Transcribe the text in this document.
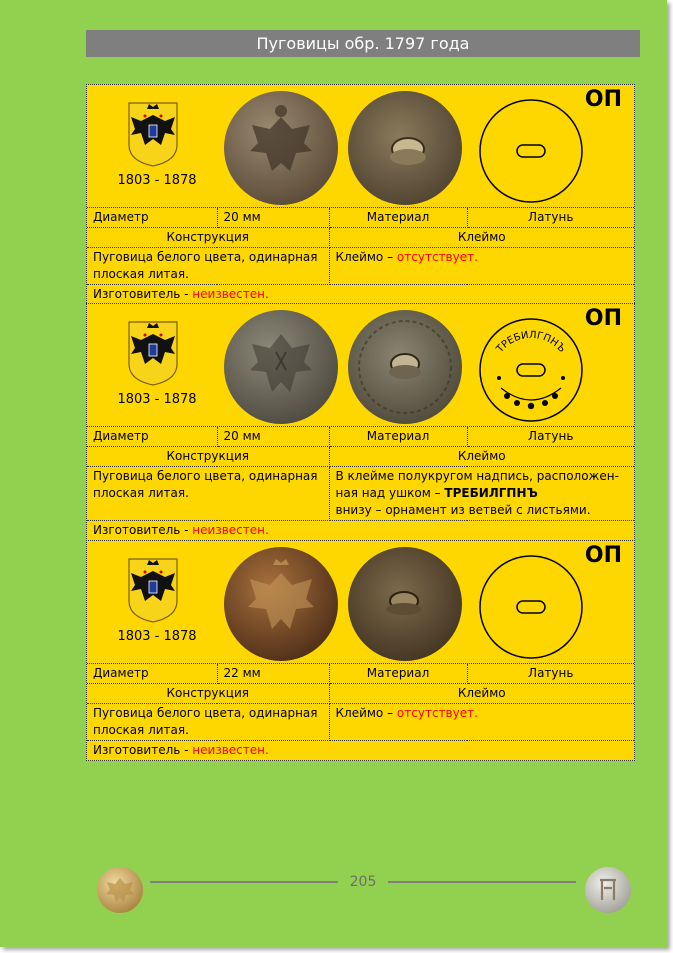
Пуговицы обр. 1797 года
1803 - 1878
ОП
Диаметр	20 мм	Материал	Латунь
Конструкция		Клеймо	
Пуговица белого цвета, одинарная плоская литая.		Клеймо – отсутствует.	
Изготовитель - неизвестен.			
1803 - 1878
ТРЕБИЛГПНЪ
ОП
Диаметр	20 мм	Материал	Латунь
Конструкция		Клеймо	
Пуговица белого цвета, одинарная плоская литая.		В клейме полукругом надпись, расположен-
ная над ушком – ТРЕБИЛГПНЪ
внизу – орнамент из ветвей с листьями.	
Изготовитель - неизвестен.			
1803 - 1878
ОП
Диаметр	22 мм	Материал	Латунь
Конструкция		Клеймо	
Пуговица белого цвета, одинарная плоская литая.		Клеймо – отсутствует.	
Изготовитель - неизвестен.			
205
